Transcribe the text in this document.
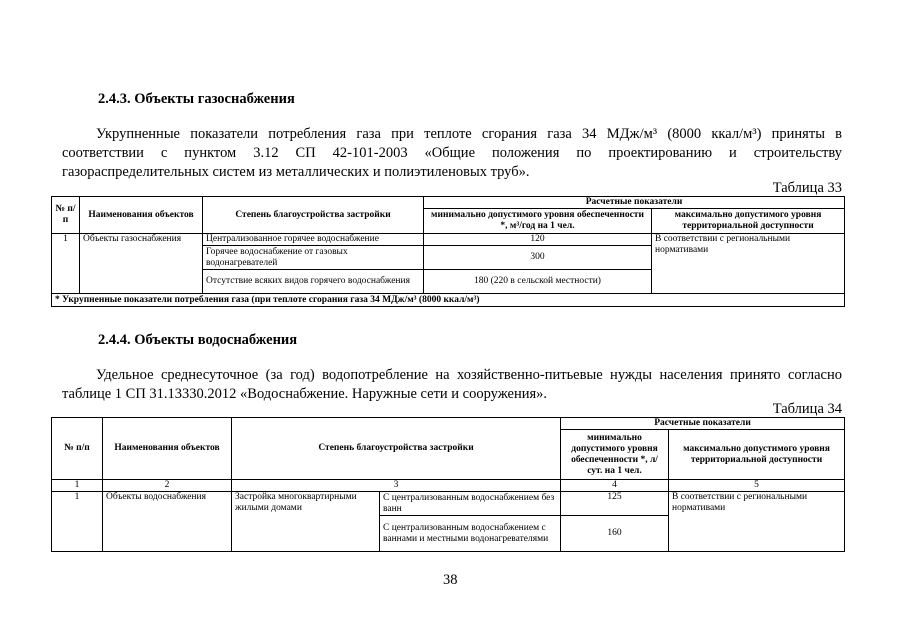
2.4.3. Объекты газоснабжения

Укрупненные показатели потребления газа при теплоте сгорания газа 34 МДж/м³ (8000 ккал/м³) приняты в
соответствии с пунктом 3.12 СП 42-101-2003 «Общие положения по проектированию и строительству
газораспределительных систем из металлических и полиэтиленовых труб».

Таблица 33
№ п/п	Наименования объектов	Степень благоустройства застройки	Расчетные показатели	
			минимально допустимого уровня обеспеченности *, м³/год на 1 чел.	максимально допустимого уровня территориальной доступности
1	Объекты газоснабжения	Централизованное горячее водоснабжение	120	В соответствии с региональными нормативами
		Горячее водоснабжение от газовых водонагревателей	300	
		Отсутствие всяких видов горячего водоснабжения	180 (220 в сельской местности)	
* Укрупненные показатели потребления газа (при теплоте сгорания газа 34 МДж/м³ (8000 ккал/м³)				
2.4.4. Объекты водоснабжения

Удельное среднесуточное (за год) водопотребление на хозяйственно-питьевые нужды населения принято согласно
таблице 1 СП 31.13330.2012 «Водоснабжение. Наружные сети и сооружения».

Таблица 34
№ п/п	Наименования объектов	Степень благоустройства застройки		Расчетные показатели	
				минимально допустимого уровня обеспеченности *, л/сут. на 1 чел.	максимально допустимого уровня территориальной доступности
1	2	3		4	5
1	Объекты водоснабжения	Застройка многоквартирными жилыми домами	С централизованным водоснабжением без ванн	125	В соответствии с региональными нормативами
			С централизованным водоснабжением с ваннами и местными водонагревателями	160	
38
